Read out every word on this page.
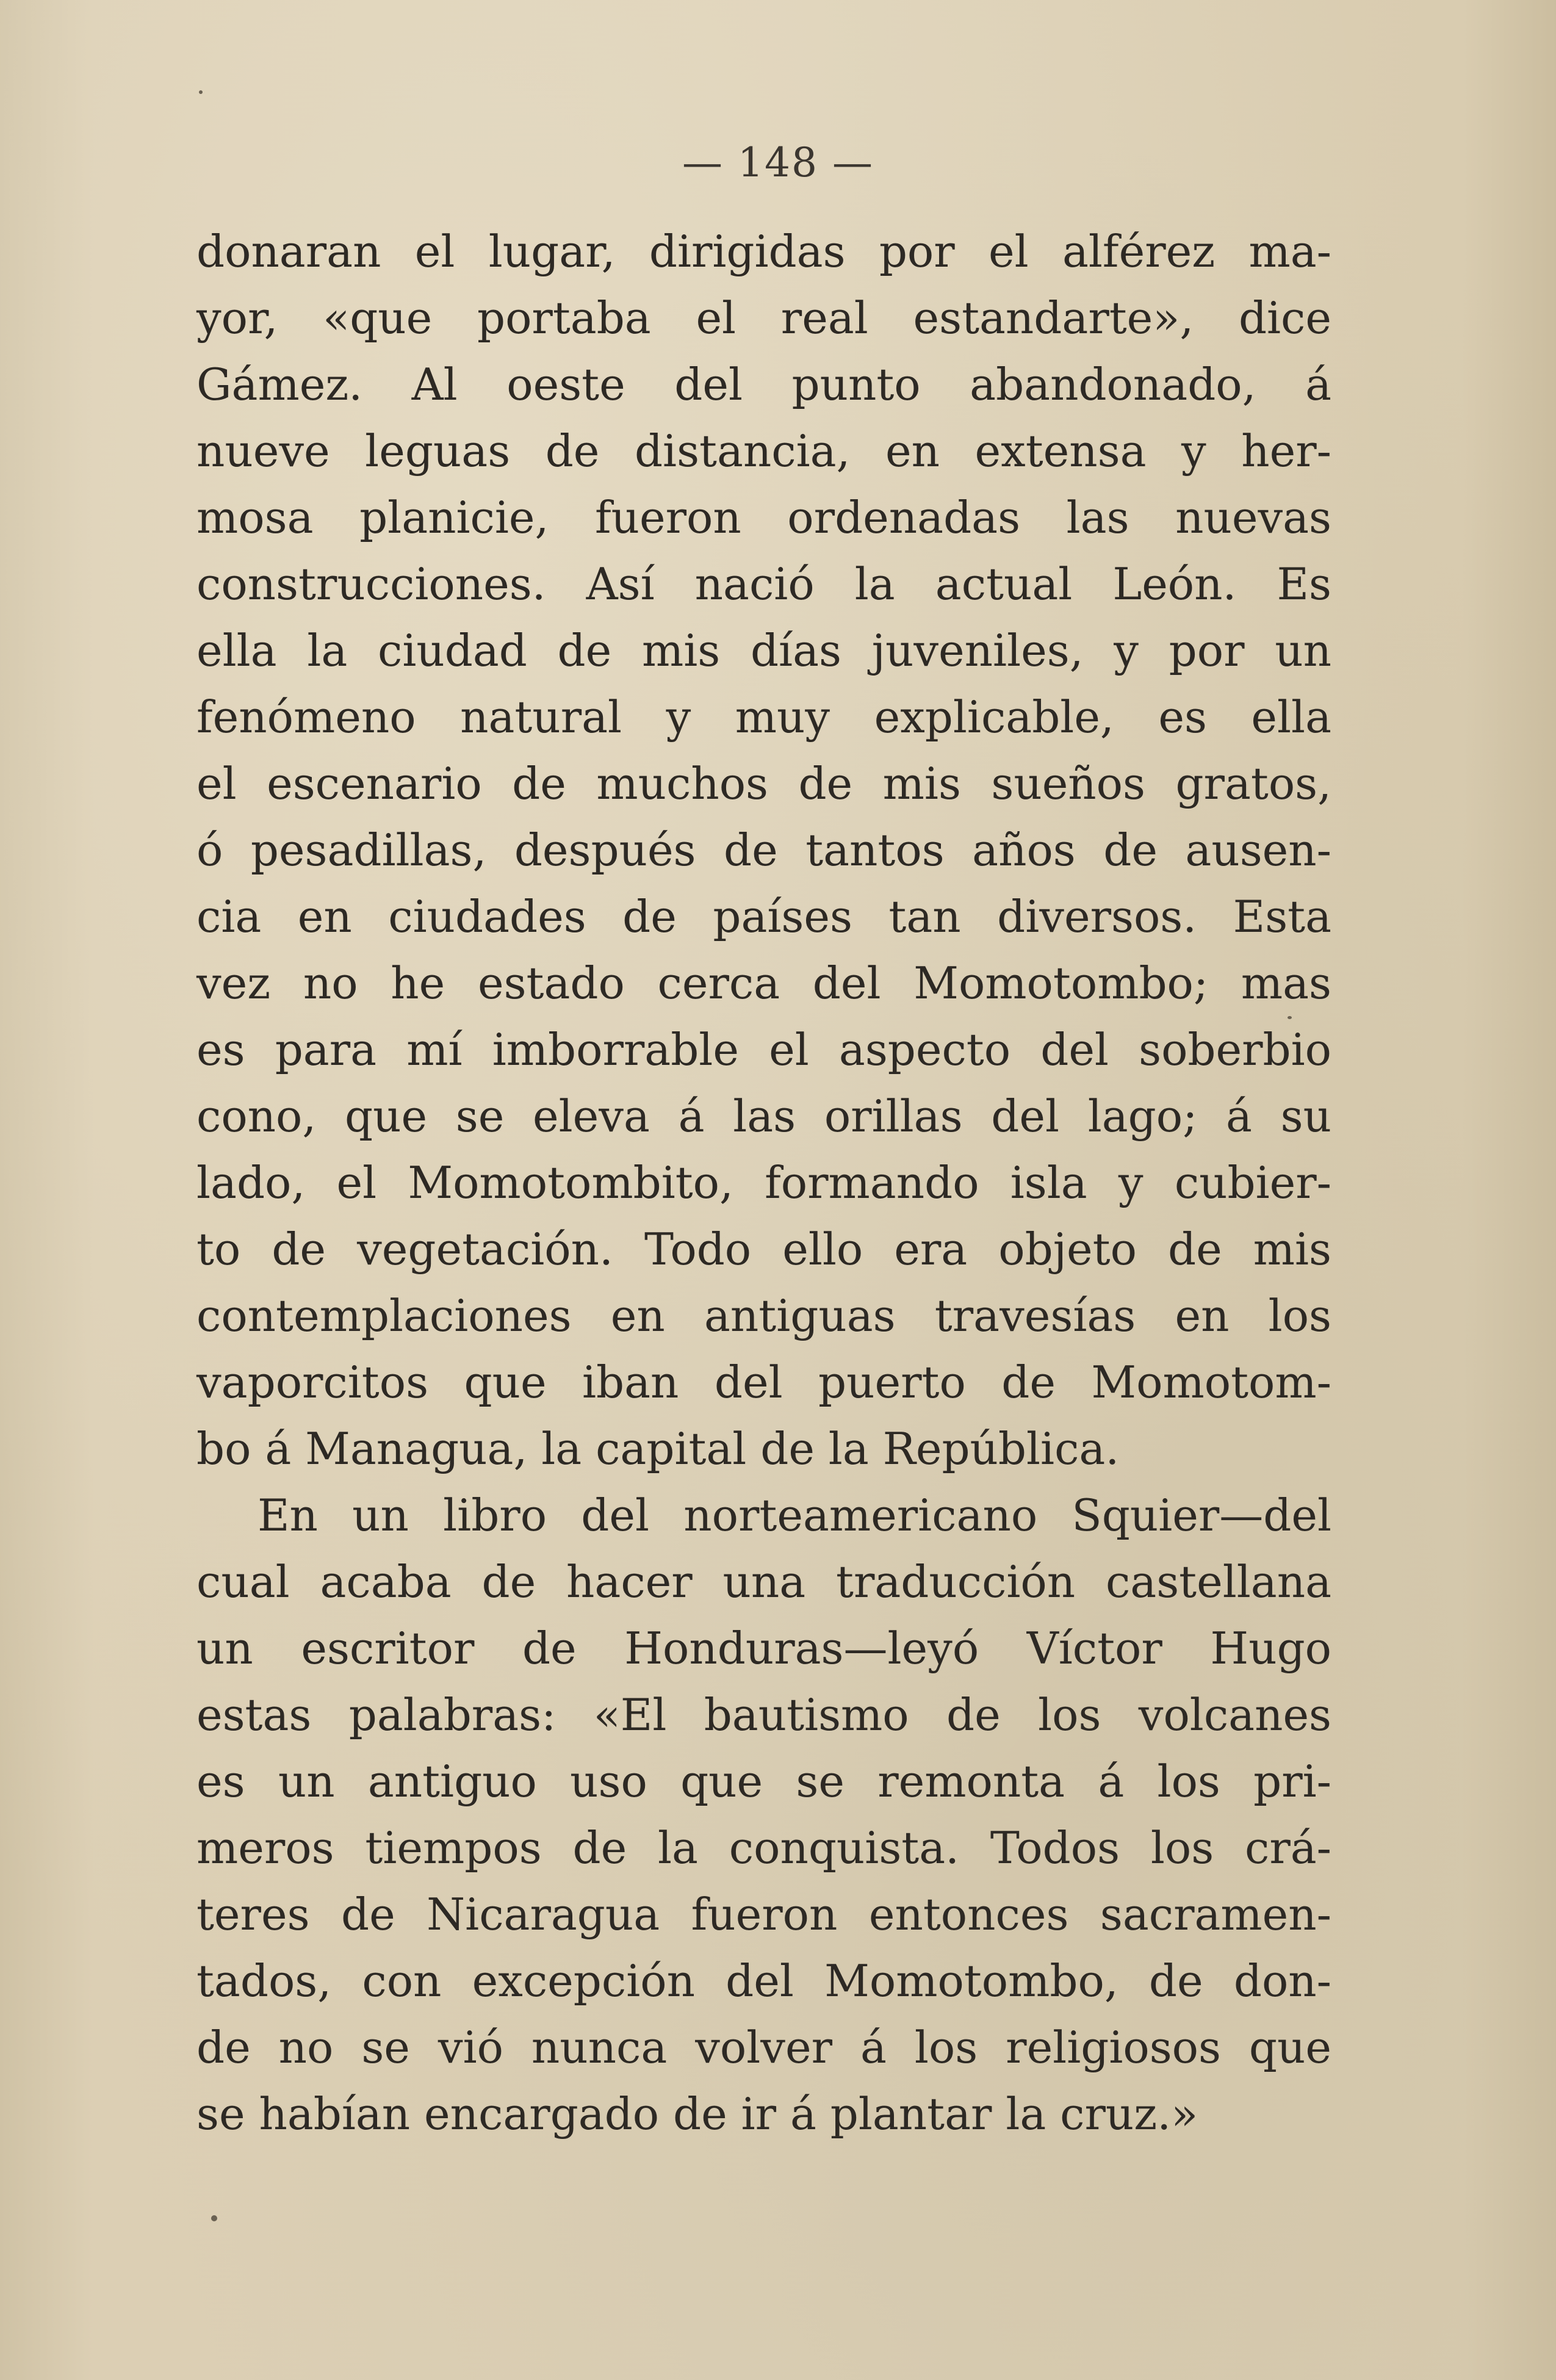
— 148 —
donaran el lugar, dirigidas por el alférez ma-
yor, «que portaba el real estandarte», dice
Gámez. Al oeste del punto abandonado, á
nueve leguas de distancia, en extensa y her-
mosa planicie, fueron ordenadas las nuevas
construcciones. Así nació la actual León. Es
ella la ciudad de mis días juveniles, y por un
fenómeno natural y muy explicable, es ella
el escenario de muchos de mis sueños gratos,
ó pesadillas, después de tantos años de ausen-
cia en ciudades de países tan diversos. Esta
vez no he estado cerca del Momotombo; mas
es para mí imborrable el aspecto del soberbio
cono, que se eleva á las orillas del lago; á su
lado, el Momotombito, formando isla y cubier-
to de vegetación. Todo ello era objeto de mis
contemplaciones en antiguas travesías en los
vaporcitos que iban del puerto de Momotom-
bo á Managua, la capital de la República.
En un libro del norteamericano Squier—del
cual acaba de hacer una traducción castellana
un escritor de Honduras—leyó Víctor Hugo
estas palabras: «El bautismo de los volcanes
es un antiguo uso que se remonta á los pri-
meros tiempos de la conquista. Todos los crá-
teres de Nicaragua fueron entonces sacramen-
tados, con excepción del Momotombo, de don-
de no se vió nunca volver á los religiosos que
se habían encargado de ir á plantar la cruz.»
